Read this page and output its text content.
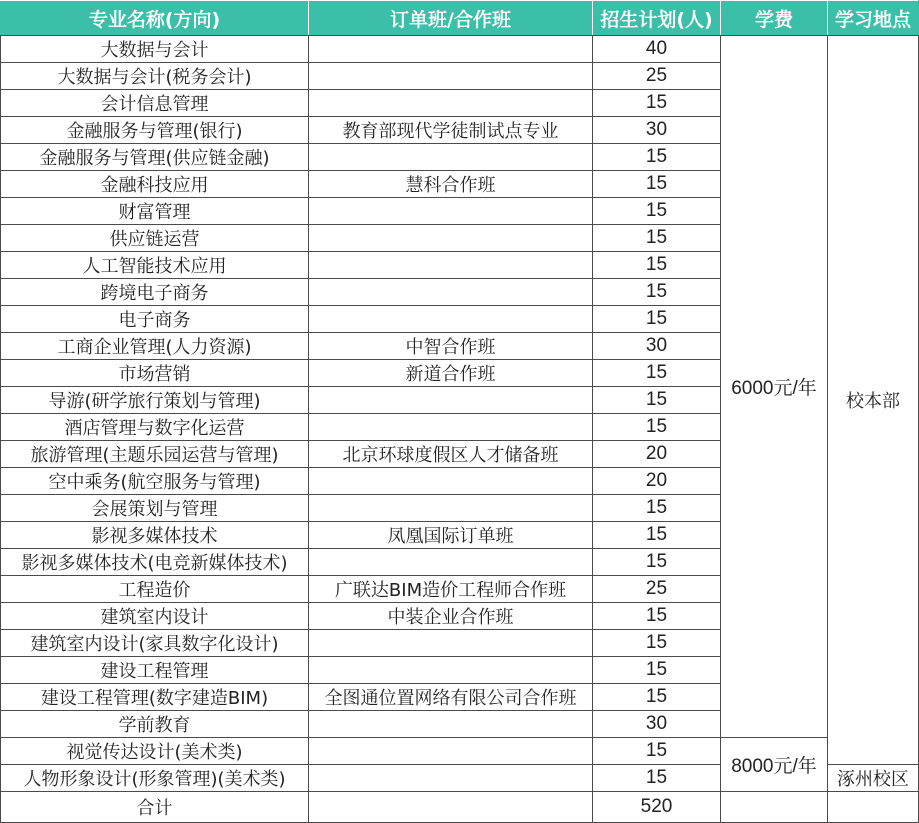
专业名称(方向)	订单班/合作班	招生计划(人)	学费	学习地点
大数据与会计		40	6000元/年	校本部
大数据与会计(税务会计)		25		
会计信息管理		15		
金融服务与管理(银行)	教育部现代学徒制试点专业	30		
金融服务与管理(供应链金融)		15		
金融科技应用	慧科合作班	15		
财富管理		15		
供应链运营		15		
人工智能技术应用		15		
跨境电子商务		15		
电子商务		15		
工商企业管理(人力资源)	中智合作班	30		
市场营销	新道合作班	15		
导游(研学旅行策划与管理)		15		
酒店管理与数字化运营		15		
旅游管理(主题乐园运营与管理)	北京环球度假区人才储备班	20		
空中乘务(航空服务与管理)		20		
会展策划与管理		15		
影视多媒体技术	凤凰国际订单班	15		
影视多媒体技术(电竞新媒体技术)		15		
工程造价	广联达BIM造价工程师合作班	25		
建筑室内设计	中装企业合作班	15		
建筑室内设计(家具数字化设计)		15		
建设工程管理		15		
建设工程管理(数字建造BIM)	全图通位置网络有限公司合作班	15		
学前教育		30		
视觉传达设计(美术类)		15	8000元/年	
人物形象设计(形象管理)(美术类)		15		涿州校区
合计		520		
